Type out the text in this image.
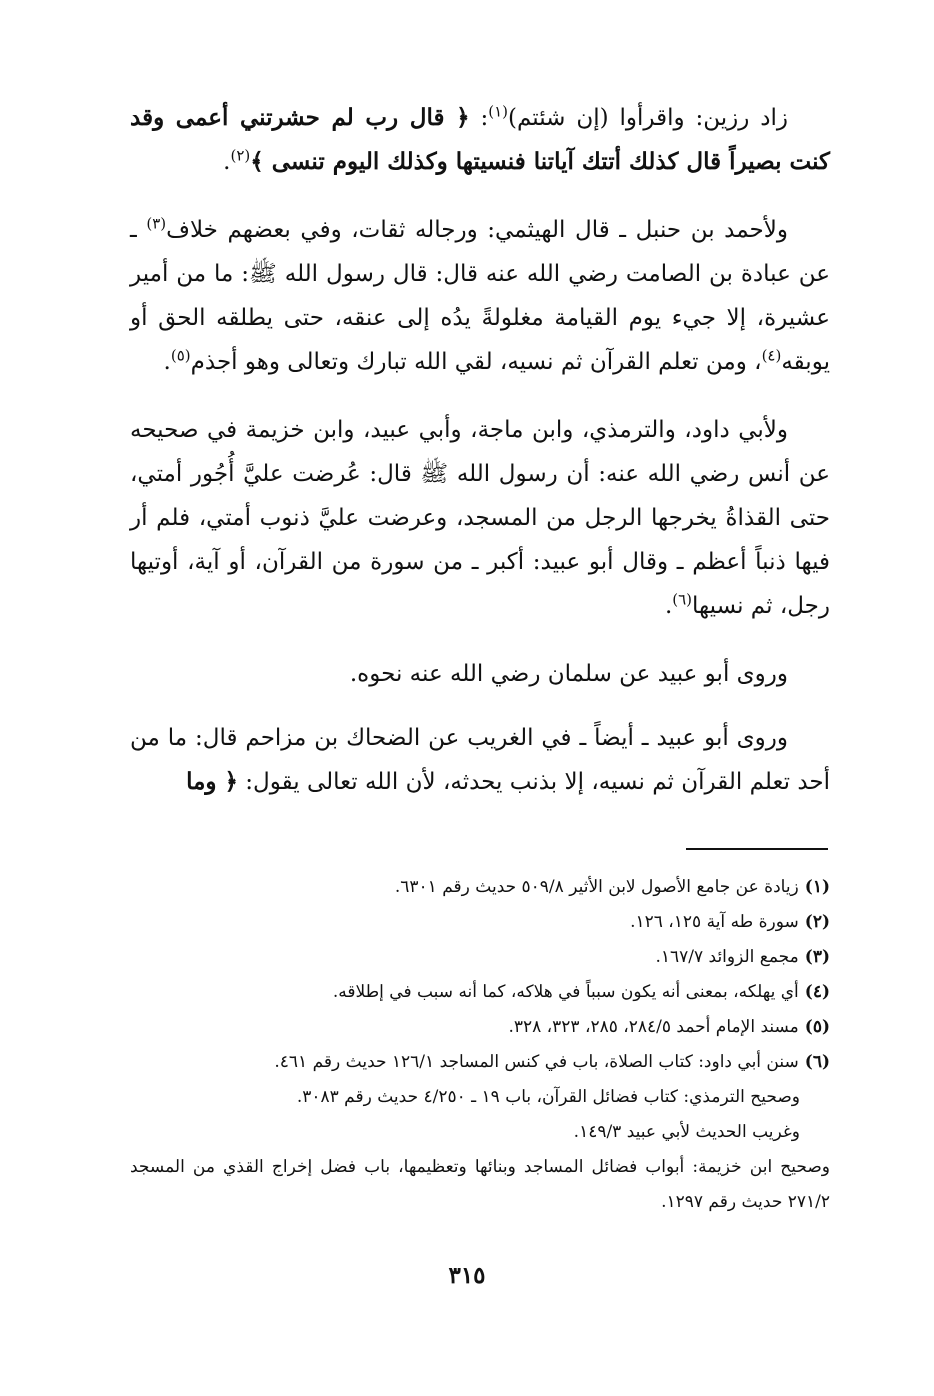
زاد رزين: واقرأوا (إن شئتم)$^{(١)}$: ﴿ قال رب لم حشرتني أعمى وقد كنت بصيراً قال كذلك أتتك آياتنا فنسيتها وكذلك اليوم تنسى ﴾$^{(٢)}$.

ولأحمد بن حنبل ـ قال الهيثمي: ورجاله ثقات، وفي بعضهم خلاف$^{(٣)}$ ـ عن عبادة بن الصامت رضي الله عنه قال: قال رسول الله ﷺ: ما من أمير عشيرة، إلا جيء يوم القيامة مغلولةً يدُه إلى عنقه، حتى يطلقه الحق أو يوبقه$^{(٤)}$، ومن تعلم القرآن ثم نسيه، لقي الله تبارك وتعالى وهو أجذم$^{(٥)}$.

ولأبي داود، والترمذي، وابن ماجة، وأبي عبيد، وابن خزيمة في صحيحه عن أنس رضي الله عنه: أن رسول الله ﷺ قال: عُرضت عليَّ أُجُور أمتي، حتى القذاةُ يخرجها الرجل من المسجد، وعرضت عليَّ ذنوب أمتي، فلم أر فيها ذنباً أعظم ـ وقال أبو عبيد: أكبر ـ من سورة من القرآن، أو آية، أوتيها رجل، ثم نسيها$^{(٦)}$.

وروى أبو عبيد عن سلمان رضي الله عنه نحوه.

وروى أبو عبيد ـ أيضاً ـ في الغريب عن الضحاك بن مزاحم قال: ما من أحد تعلم القرآن ثم نسيه، إلا بذنب يحدثه، لأن الله تعالى يقول: ﴿ وما

(١)زيادة عن جامع الأصول لابن الأثير ٥٠٩/٨ حديث رقم ٦٣٠١.

(٢)سورة طه آية ١٢٥، ١٢٦.

(٣)مجمع الزوائد ١٦٧/٧.

(٤)أي يهلكه، بمعنى أنه يكون سبباً في هلاكه، كما أنه سبب في إطلاقه.

(٥)مسند الإمام أحمد ٢٨٤/٥، ٢٨٥، ٣٢٣، ٣٢٨.

(٦)سنن أبي داود: كتاب الصلاة، باب في كنس المساجد ١٢٦/١ حديث رقم ٤٦١.

وصحيح الترمذي: كتاب فضائل القرآن، باب ١٩ ـ ٤/٢٥٠ حديث رقم ٣٠٨٣.

وغريب الحديث لأبي عبيد ١٤٩/٣.

وصحيح ابن خزيمة: أبواب فضائل المساجد وبنائها وتعظيمها، باب فضل إخراج القذي من المسجد ٢٧١/٢ حديث رقم ١٢٩٧.

٣١٥
